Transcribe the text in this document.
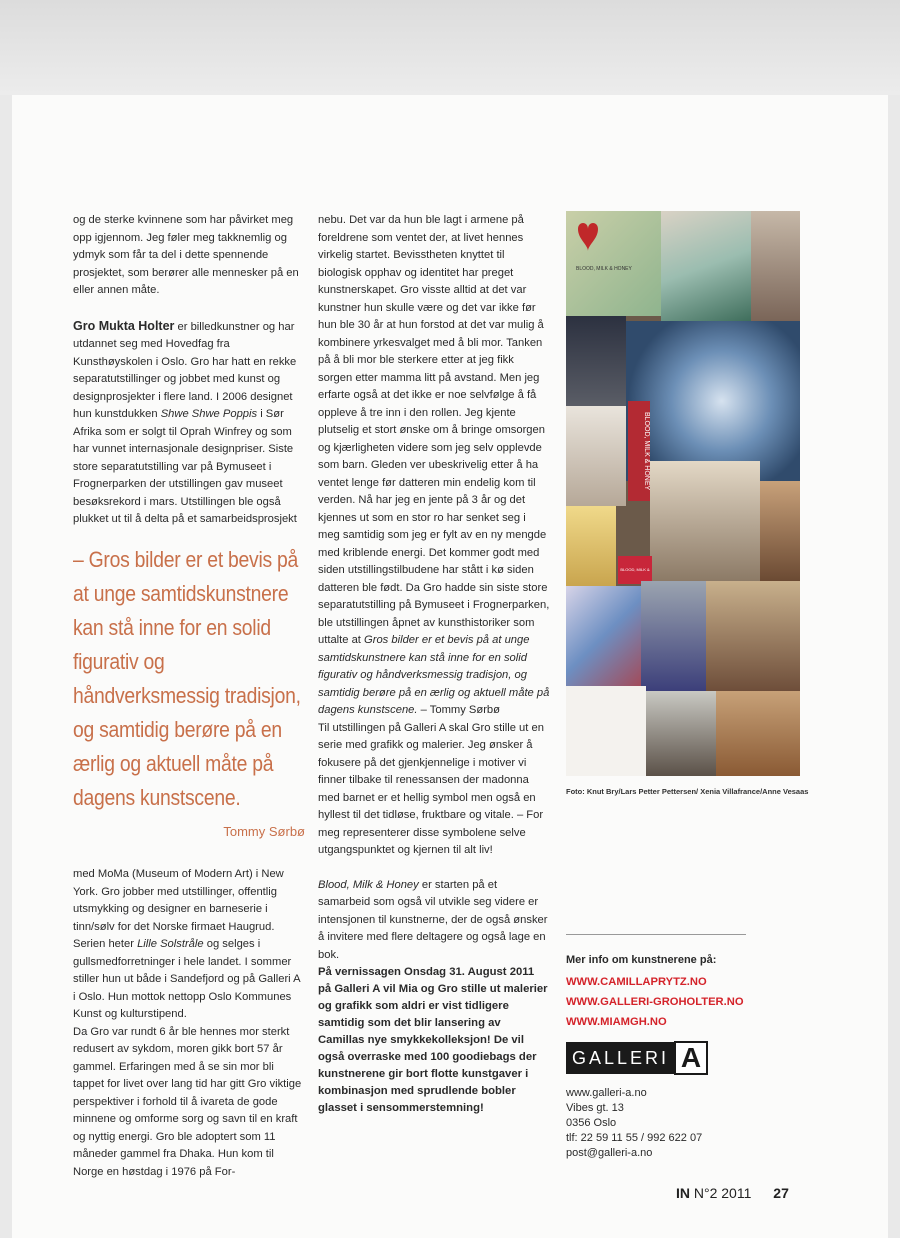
og de sterke kvinnene som har påvirket meg opp igjennom. Jeg føler meg takknemlig og ydmyk som får ta del i dette spennende prosjektet, som berører alle mennesker på en eller annen måte.

Gro Mukta Holter er billedkunstner og har utdannet seg med Hovedfag fra Kunsthøyskolen i Oslo. Gro har hatt en rekke separatutstillinger og jobbet med kunst og designprosjekter i flere land. I 2006 designet hun kunstdukken Shwe Shwe Poppis i Sør Afrika som er solgt til Oprah Winfrey og som har vunnet internasjonale designpriser. Siste store separatutstilling var på Bymuseet i Frognerparken der utstillingen gav museet besøksrekord i mars. Utstillingen ble også plukket ut til å delta på et samarbeidsprosjekt

– Gros bilder er et bevis på at unge samtidskunstnere kan stå inne for en solid figurativ og håndverksmessig tradisjon, og samtidig berøre på en ærlig og aktuell måte på dagens kunstscene.
Tommy Sørbø

med MoMa (Museum of Modern Art) i New York. Gro jobber med utstillinger, offentlig utsmykking og designer en barneserie i tinn/sølv for det Norske firmaet Haugrud. Serien heter Lille Solstråle og selges i gullsmedforretninger i hele landet. I sommer stiller hun ut både i Sandefjord og på Galleri A i Oslo. Hun mottok nettopp Oslo Kommunes Kunst og kulturstipend.

Da Gro var rundt 6 år ble hennes mor sterkt redusert av sykdom, moren gikk bort 57 år gammel. Erfaringen med å se sin mor bli tappet for livet over lang tid har gitt Gro viktige perspektiver i forhold til å ivareta de gode minnene og omforme sorg og savn til en kraft og nyttig energi. Gro ble adoptert som 11 måneder gammel fra Dhaka. Hun kom til Norge en høstdag i 1976 på For-

nebu. Det var da hun ble lagt i armene på foreldrene som ventet der, at livet hennes virkelig startet. Bevisstheten knyttet til biologisk opphav og identitet har preget kunstnerskapet. Gro visste alltid at det var kunstner hun skulle være og det var ikke før hun ble 30 år at hun forstod at det var mulig å kombinere yrkesvalget med å bli mor. Tanken på å bli mor ble sterkere etter at jeg fikk sorgen etter mamma litt på avstand. Men jeg erfarte også at det ikke er noe selvfølge å få oppleve å tre inn i den rollen. Jeg kjente plutselig et stort ønske om å bringe omsorgen og kjærligheten videre som jeg selv opplevde som barn. Gleden ver ubeskrivelig etter å ha ventet lenge før datteren min endelig kom til verden. Nå har jeg en jente på 3 år og det kjennes ut som en stor ro har senket seg i meg samtidig som jeg er fylt av en ny mengde med kriblende energi. Det kommer godt med siden utstillingstilbudene har stått i kø siden datteren ble født. Da Gro hadde sin siste store separatutstilling på Bymuseet i Frognerparken, ble utstillingen åpnet av kunsthistoriker som uttalte at Gros bilder er et bevis på at unge samtidskunstnere kan stå inne for en solid figurativ og håndverksmessig tradisjon, og samtidig berøre på en ærlig og aktuell måte på dagens kunstscene. – Tommy Sørbø

Til utstillingen på Galleri A skal Gro stille ut en serie med grafikk og malerier. Jeg ønsker å fokusere på det gjenkjennelige i motiver vi finner tilbake til renessansen der madonna med barnet er et hellig symbol men også en hyllest til det tidløse, fruktbare og vitale. – For meg representerer disse symbolene selve utgangspunktet og kjernen til alt liv!

Blood, Milk & Honey er starten på et samarbeid som også vil utvikle seg videre er intensjonen til kunstnerne, der de også ønsker å invitere med flere deltagere og også lage en bok.

På vernissagen Onsdag 31. August 2011 på Galleri A vil Mia og Gro stille ut malerier og grafikk som aldri er vist tidligere samtidig som det blir lansering av Camillas nye smykkekolleksjon! De vil også overraske med 100 goodiebags der kunstnerene gir bort flotte kunstgaver i kombinasjon med sprudlende bobler glasset i sensommerstemning!

BLOOD, MILK & HONEY
BLOOD, MILK & HONEY
BLOOD, MILK &
Foto: Knut Bry/Lars Petter Pettersen/ Xenia Villafrance/Anne Vesaas
Mer info om kunstnerene på:
WWW.CAMILLAPRYTZ.NO
WWW.GALLERI-GROHOLTER.NO
WWW.MIAMGH.NO
GALLERI A
www.galleri-a.no
Vibes gt. 13
0356 Oslo
tlf: 22 59 11 55 / 992 622 07
post@galleri-a.no
IN N°2 2011 27
